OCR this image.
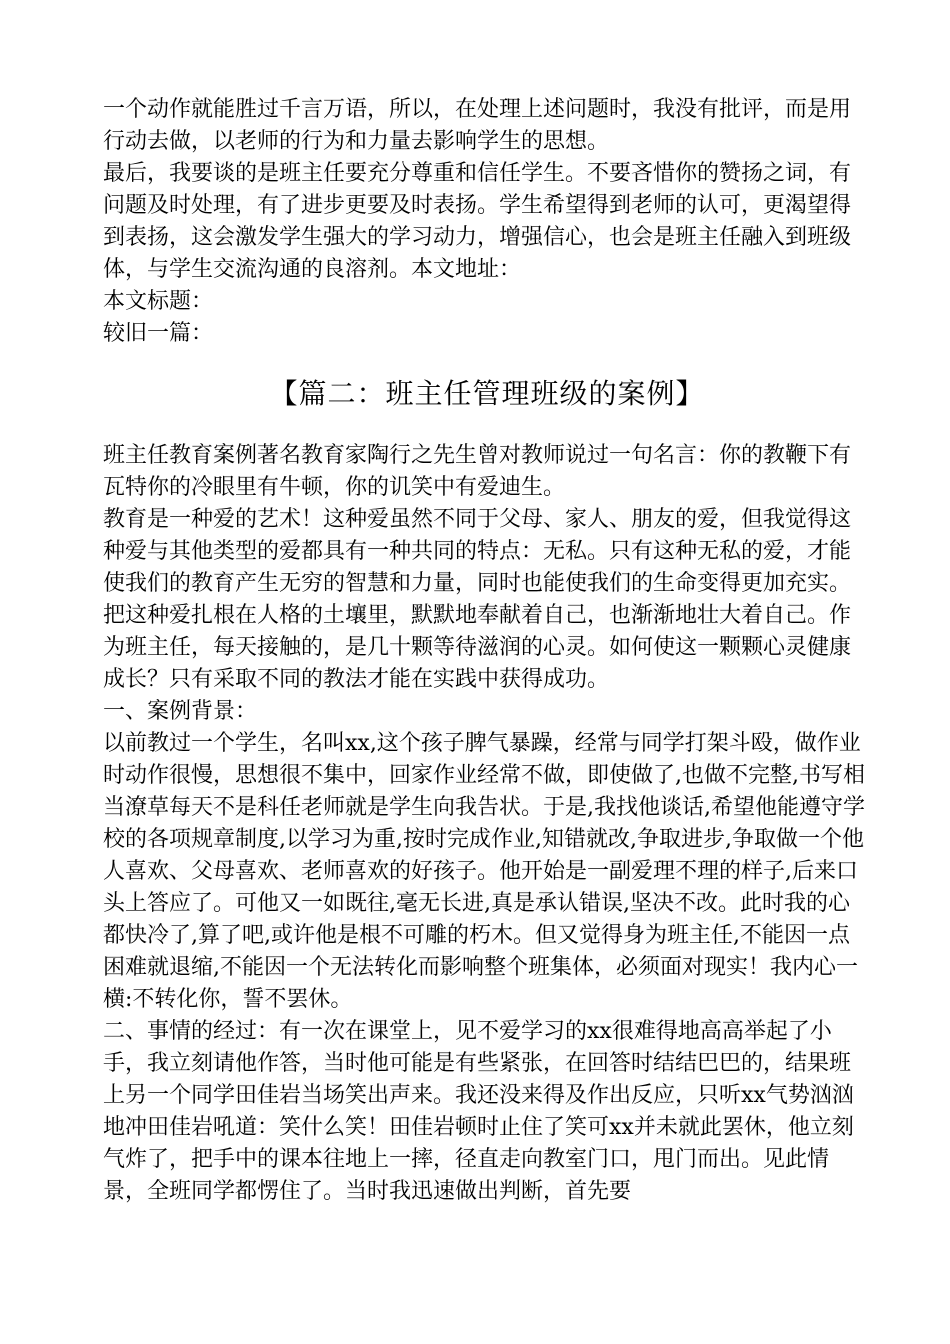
一个动作就能胜过千言万语，所以，在处理上述问题时，我没有批评，而是用行动去做，以老师的行为和力量去影响学生的思想。

最后，我要谈的是班主任要充分尊重和信任学生。不要吝惜你的赞扬之词，有问题及时处理，有了进步更要及时表扬。学生希望得到老师的认可，更渴望得到表扬，这会激发学生强大的学习动力，增强信心，也会是班主任融入到班级体，与学生交流沟通的良溶剂。本文地址：

本文标题：

较旧一篇：

【篇二：班主任管理班级的案例】

班主任教育案例著名教育家陶行之先生曾对教师说过一句名言：你的教鞭下有瓦特你的冷眼里有牛顿，你的讥笑中有爱迪生。

教育是一种爱的艺术！这种爱虽然不同于父母、家人、朋友的爱，但我觉得这种爱与其他类型的爱都具有一种共同的特点：无私。只有这种无私的爱，才能使我们的教育产生无穷的智慧和力量，同时也能使我们的生命变得更加充实。把这种爱扎根在人格的土壤里，默默地奉献着自己，也渐渐地壮大着自己。作为班主任，每天接触的，是几十颗等待滋润的心灵。如何使这一颗颗心灵健康成长？只有采取不同的教法才能在实践中获得成功。

一、案例背景：

以前教过一个学生，名叫xx,这个孩子脾气暴躁，经常与同学打架斗殴，做作业时动作很慢，思想很不集中，回家作业经常不做，即使做了,也做不完整,书写相当潦草每天不是科任老师就是学生向我告状。于是,我找他谈话,希望他能遵守学校的各项规章制度,以学习为重,按时完成作业,知错就改,争取进步,争取做一个他人喜欢、父母喜欢、老师喜欢的好孩子。他开始是一副爱理不理的样子,后来口头上答应了。可他又一如既往,毫无长进,真是承认错误,坚决不改。此时我的心都快冷了,算了吧,或许他是根不可雕的朽木。但又觉得身为班主任,不能因一点困难就退缩,不能因一个无法转化而影响整个班集体，必须面对现实！我内心一横:不转化你，誓不罢休。

二、事情的经过：有一次在课堂上，见不爱学习的xx很难得地高高举起了小手，我立刻请他作答，当时他可能是有些紧张，在回答时结结巴巴的，结果班上另一个同学田佳岩当场笑出声来。我还没来得及作出反应，只听xx气势汹汹地冲田佳岩吼道：笑什么笑！田佳岩顿时止住了笑可xx并未就此罢休，他立刻气炸了，把手中的课本往地上一摔，径直走向教室门口，甩门而出。见此情景，全班同学都愣住了。当时我迅速做出判断，首先要
